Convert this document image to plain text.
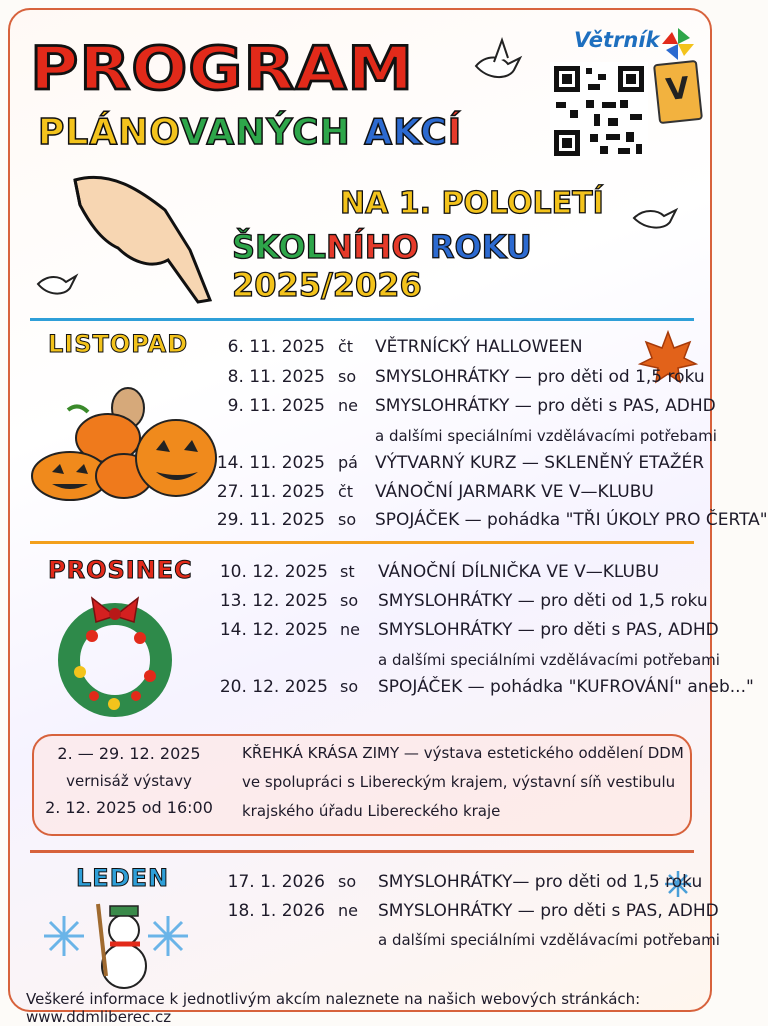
PROGRAM
PLÁNOVANÝCH AKCÍ
NA 1. POLOLETÍ
ŠKOLNÍHO ROKU 2025/2026
Větrník
V
LISTOPAD	6. 11. 2025 čt VĚTRNÍCKÝ HALLOWEEN
8. 11. 2025 so SMYSLOHRÁTKY — pro děti od 1,5 roku
9. 11. 2025 ne SMYSLOHRÁTKY — pro děti s PAS, ADHD
a dalšími speciálními vzdělávacími potřebami
14. 11. 2025 pá VÝTVARNÝ KURZ — SKLENĚNÝ ETAŽÉR
27. 11. 2025 čt VÁNOČNÍ JARMARK VE V—KLUBU
29. 11. 2025 so SPOJÁČEK — pohádka "TŘI ÚKOLY PRO ČERTA"
PROSINEC	10. 12. 2025 st VÁNOČNÍ DÍLNIČKA VE V—KLUBU
13. 12. 2025 so SMYSLOHRÁTKY — pro děti od 1,5 roku
14. 12. 2025 ne SMYSLOHRÁTKY — pro děti s PAS, ADHD
a dalšími speciálními vzdělávacími potřebami
20. 12. 2025 so SPOJÁČEK — pohádka "KUFROVÁNÍ" aneb..."
2. — 29. 12. 2025
vernisáž výstavy
2. 12. 2025 od 16:00
KŘEHKÁ KRÁSA ZIMY — výstava estetického oddělení DDM
ve spolupráci s Libereckým krajem, výstavní síň vestibulu
krajského úřadu Libereckého kraje
LEDEN	17. 1. 2026 so SMYSLOHRÁTKY— pro děti od 1,5 roku
18. 1. 2026 ne SMYSLOHRÁTKY — pro děti s PAS, ADHD
a dalšími speciálními vzdělávacími potřebami
Veškeré informace k jednotlivým akcím naleznete na našich webových stránkách: www.ddmliberec.cz
